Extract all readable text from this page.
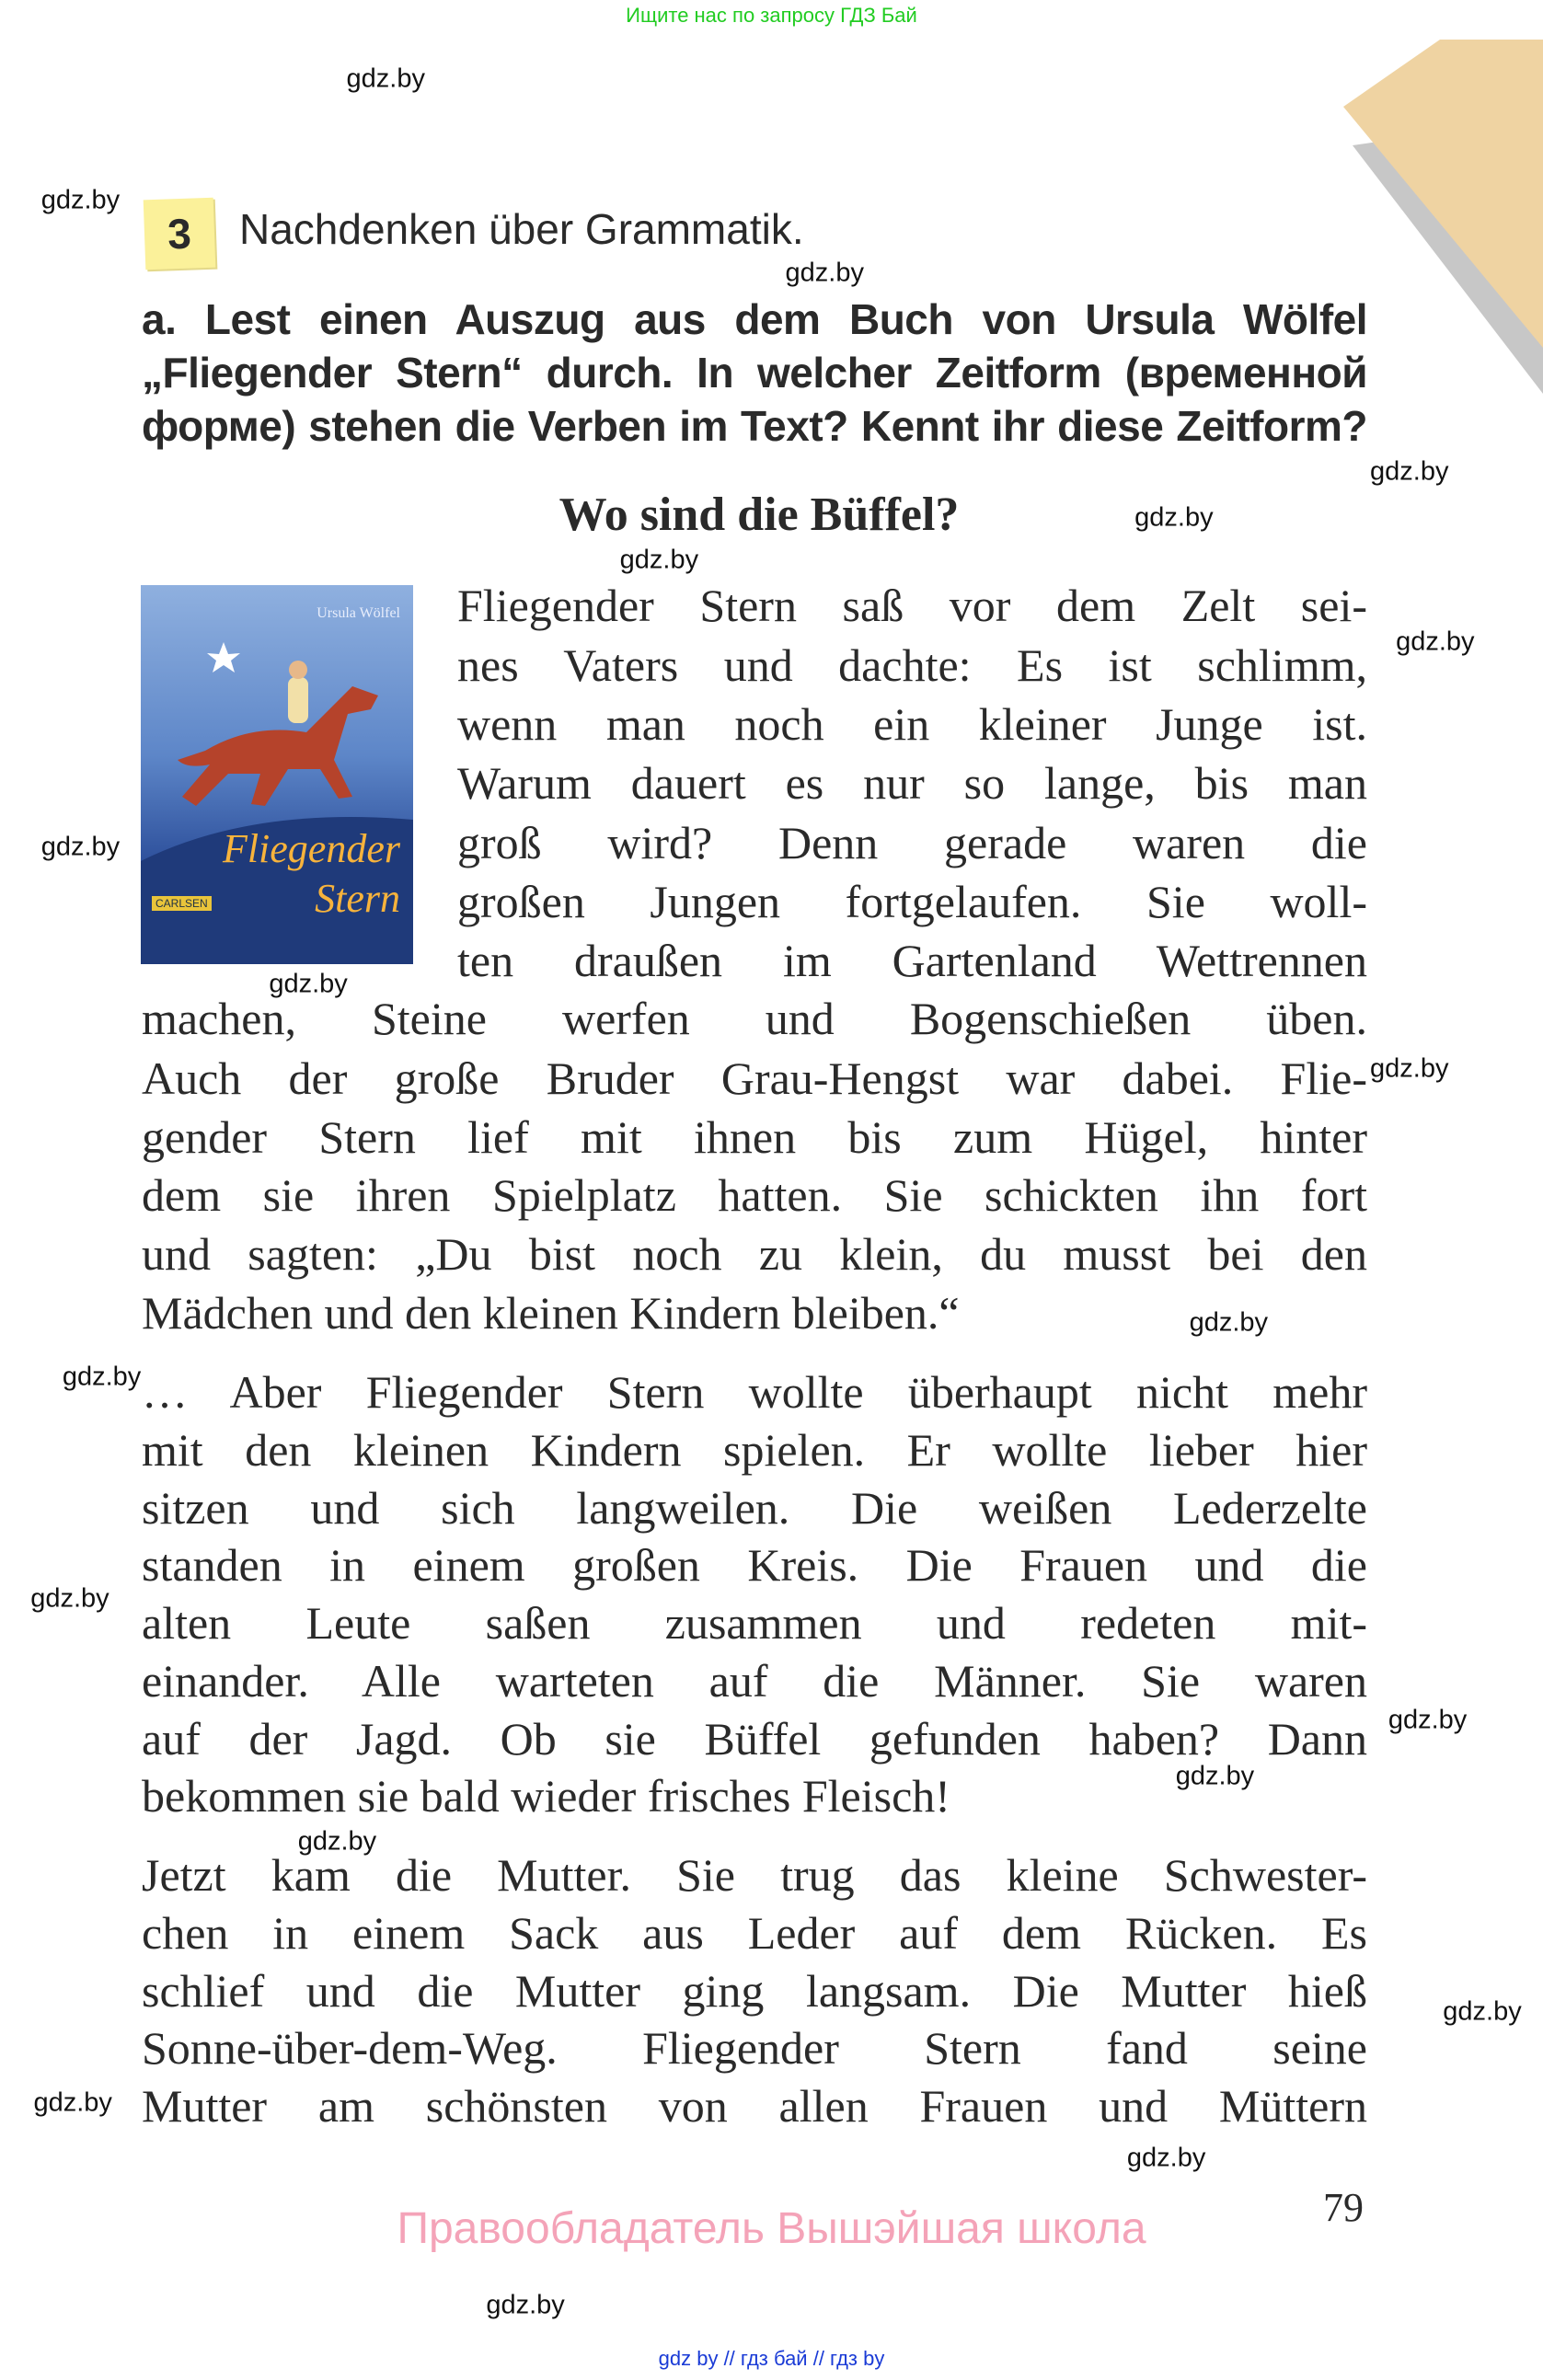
Ищите нас по запросу ГДЗ Бай
3	Nachdenken über Grammatik.
a. Lest einen Auszug aus dem Buch von Ursula Wölfel
„Fliegender Stern“ durch. In welcher Zeitform (временной
форме) stehen die Verben im Text? Kennt ihr diese Zeitform?
Wo sind die Büffel?
Ursula Wölfel
Fliegender
Stern
CARLSEN
Fliegender Stern saß vor dem Zelt sei-
nes Vaters und dachte: Es ist schlimm,
wenn man noch ein kleiner Junge ist.
Warum dauert es nur so lange, bis man
groß wird? Denn gerade waren die
großen Jungen fortgelaufen. Sie woll-
ten draußen im Gartenland Wettrennen
machen, Steine werfen und Bogenschießen üben.
Auch der große Bruder Grau-Hengst war dabei. Flie-
gender Stern lief mit ihnen bis zum Hügel, hinter
dem sie ihren Spielplatz hatten. Sie schickten ihn fort
und sagten: „Du bist noch zu klein, du musst bei den
Mädchen und den kleinen Kindern bleiben.“
… Aber Fliegender Stern wollte überhaupt nicht mehr
mit den kleinen Kindern spielen. Er wollte lieber hier
sitzen und sich langweilen. Die weißen Lederzelte
standen in einem großen Kreis. Die Frauen und die
alten Leute saßen zusammen und redeten mit-
einander. Alle warteten auf die Männer. Sie waren
auf der Jagd. Ob sie Büffel gefunden haben? Dann
bekommen sie bald wieder frisches Fleisch!
Jetzt kam die Mutter. Sie trug das kleine Schwester-
chen in einem Sack aus Leder auf dem Rücken. Es
schlief und die Mutter ging langsam. Die Mutter hieß
Sonne-über-dem-Weg. Fliegender Stern fand seine
Mutter am schönsten von allen Frauen und Müttern
gdz.by
gdz.by
gdz.by
gdz.by
gdz.by
gdz.by
gdz.by
gdz.by
gdz.by
gdz.by
gdz.by
gdz.by
gdz.by
gdz.by
gdz.by
gdz.by
gdz.by
gdz.by
gdz.by
gdz.by
79
Правообладатель Вышэйшая школа
gdz by // гдз бай // гдз by
